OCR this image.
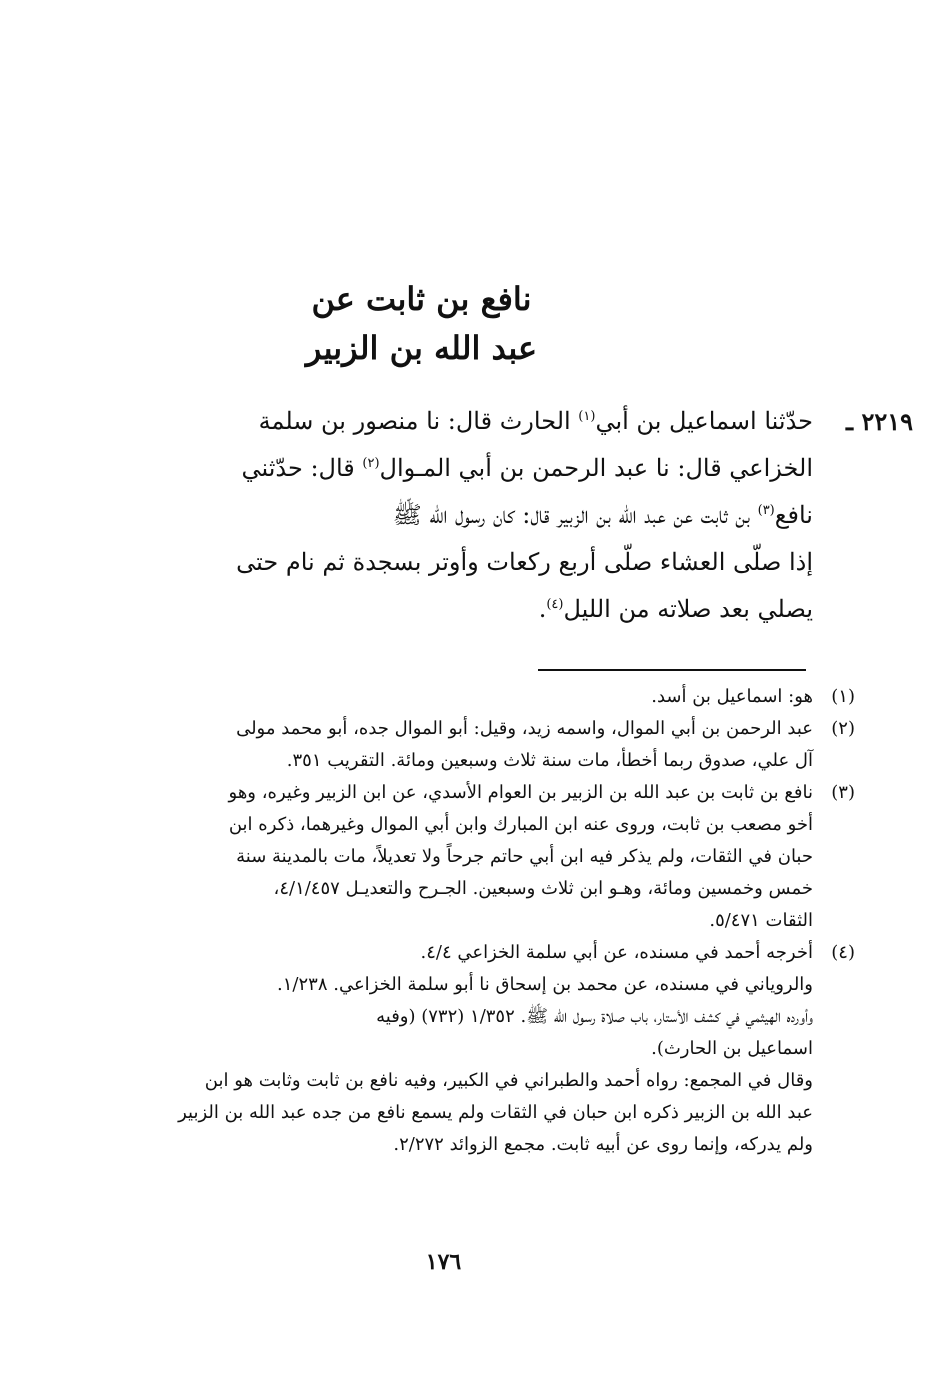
نافع بن ثابت عن
عبد الله بن الزبير
٢٢١٩ ـ
حدّثنا اسماعيل بن أبي$^{(١)}$ الحارث قال: نا منصور بن سلمة
الخزاعي قال: نا عبد الرحمن بن أبي المـوال$^{(٢)}$ قال: حدّثني
نافع$^{(٣)}$ بن ثابت عن عبد الله بن الزبير قال: كان رسول الله ﷺ
إذا صلّى العشاء صلّى أربع ركعات وأوتر بسجدة ثم نام حتى
يصلي بعد صلاته من الليل$^{(٤)}$.
(١)
هو: اسماعيل بن أسد.
(٢)
عبد الرحمن بن أبي الموال، واسمه زيد، وقيل: أبو الموال جده، أبو محمد مولى
آل علي، صدوق ربما أخطأ، مات سنة ثلاث وسبعين ومائة. التقريب ٣٥١.
(٣)
نافع بن ثابت بن عبد الله بن الزبير بن العوام الأسدي، عن ابن الزبير وغيره، وهو
أخو مصعب بن ثابت، وروى عنه ابن المبارك وابن أبي الموال وغيرهما، ذكره ابن
حبان في الثقات، ولم يذكر فيه ابن أبي حاتم جرحاً ولا تعديلاً، مات بالمدينة سنة
خمس وخمسين ومائة، وهـو ابن ثلاث وسبعين. الجـرح والتعديـل ٤/١/٤٥٧،
الثقات ٥/٤٧١.
(٤)
أخرجه أحمد في مسنده، عن أبي سلمة الخزاعي ٤/٤.
والروياني في مسنده، عن محمد بن إسحاق نا أبو سلمة الخزاعي. ١/٢٣٨.
وأورده الهيثمي في كشف الأستار، باب صلاة رسول الله ﷺ. ١/٣٥٢ (٧٣٢) (وفيه
اسماعيل بن الحارث).
وقال في المجمع: رواه أحمد والطبراني في الكبير، وفيه نافع بن ثابت وثابت هو ابن
عبد الله بن الزبير ذكره ابن حبان في الثقات ولم يسمع نافع من جده عبد الله بن الزبير
ولم يدركه، وإنما روى عن أبيه ثابت. مجمع الزوائد ٢/٢٧٢.
١٧٦
